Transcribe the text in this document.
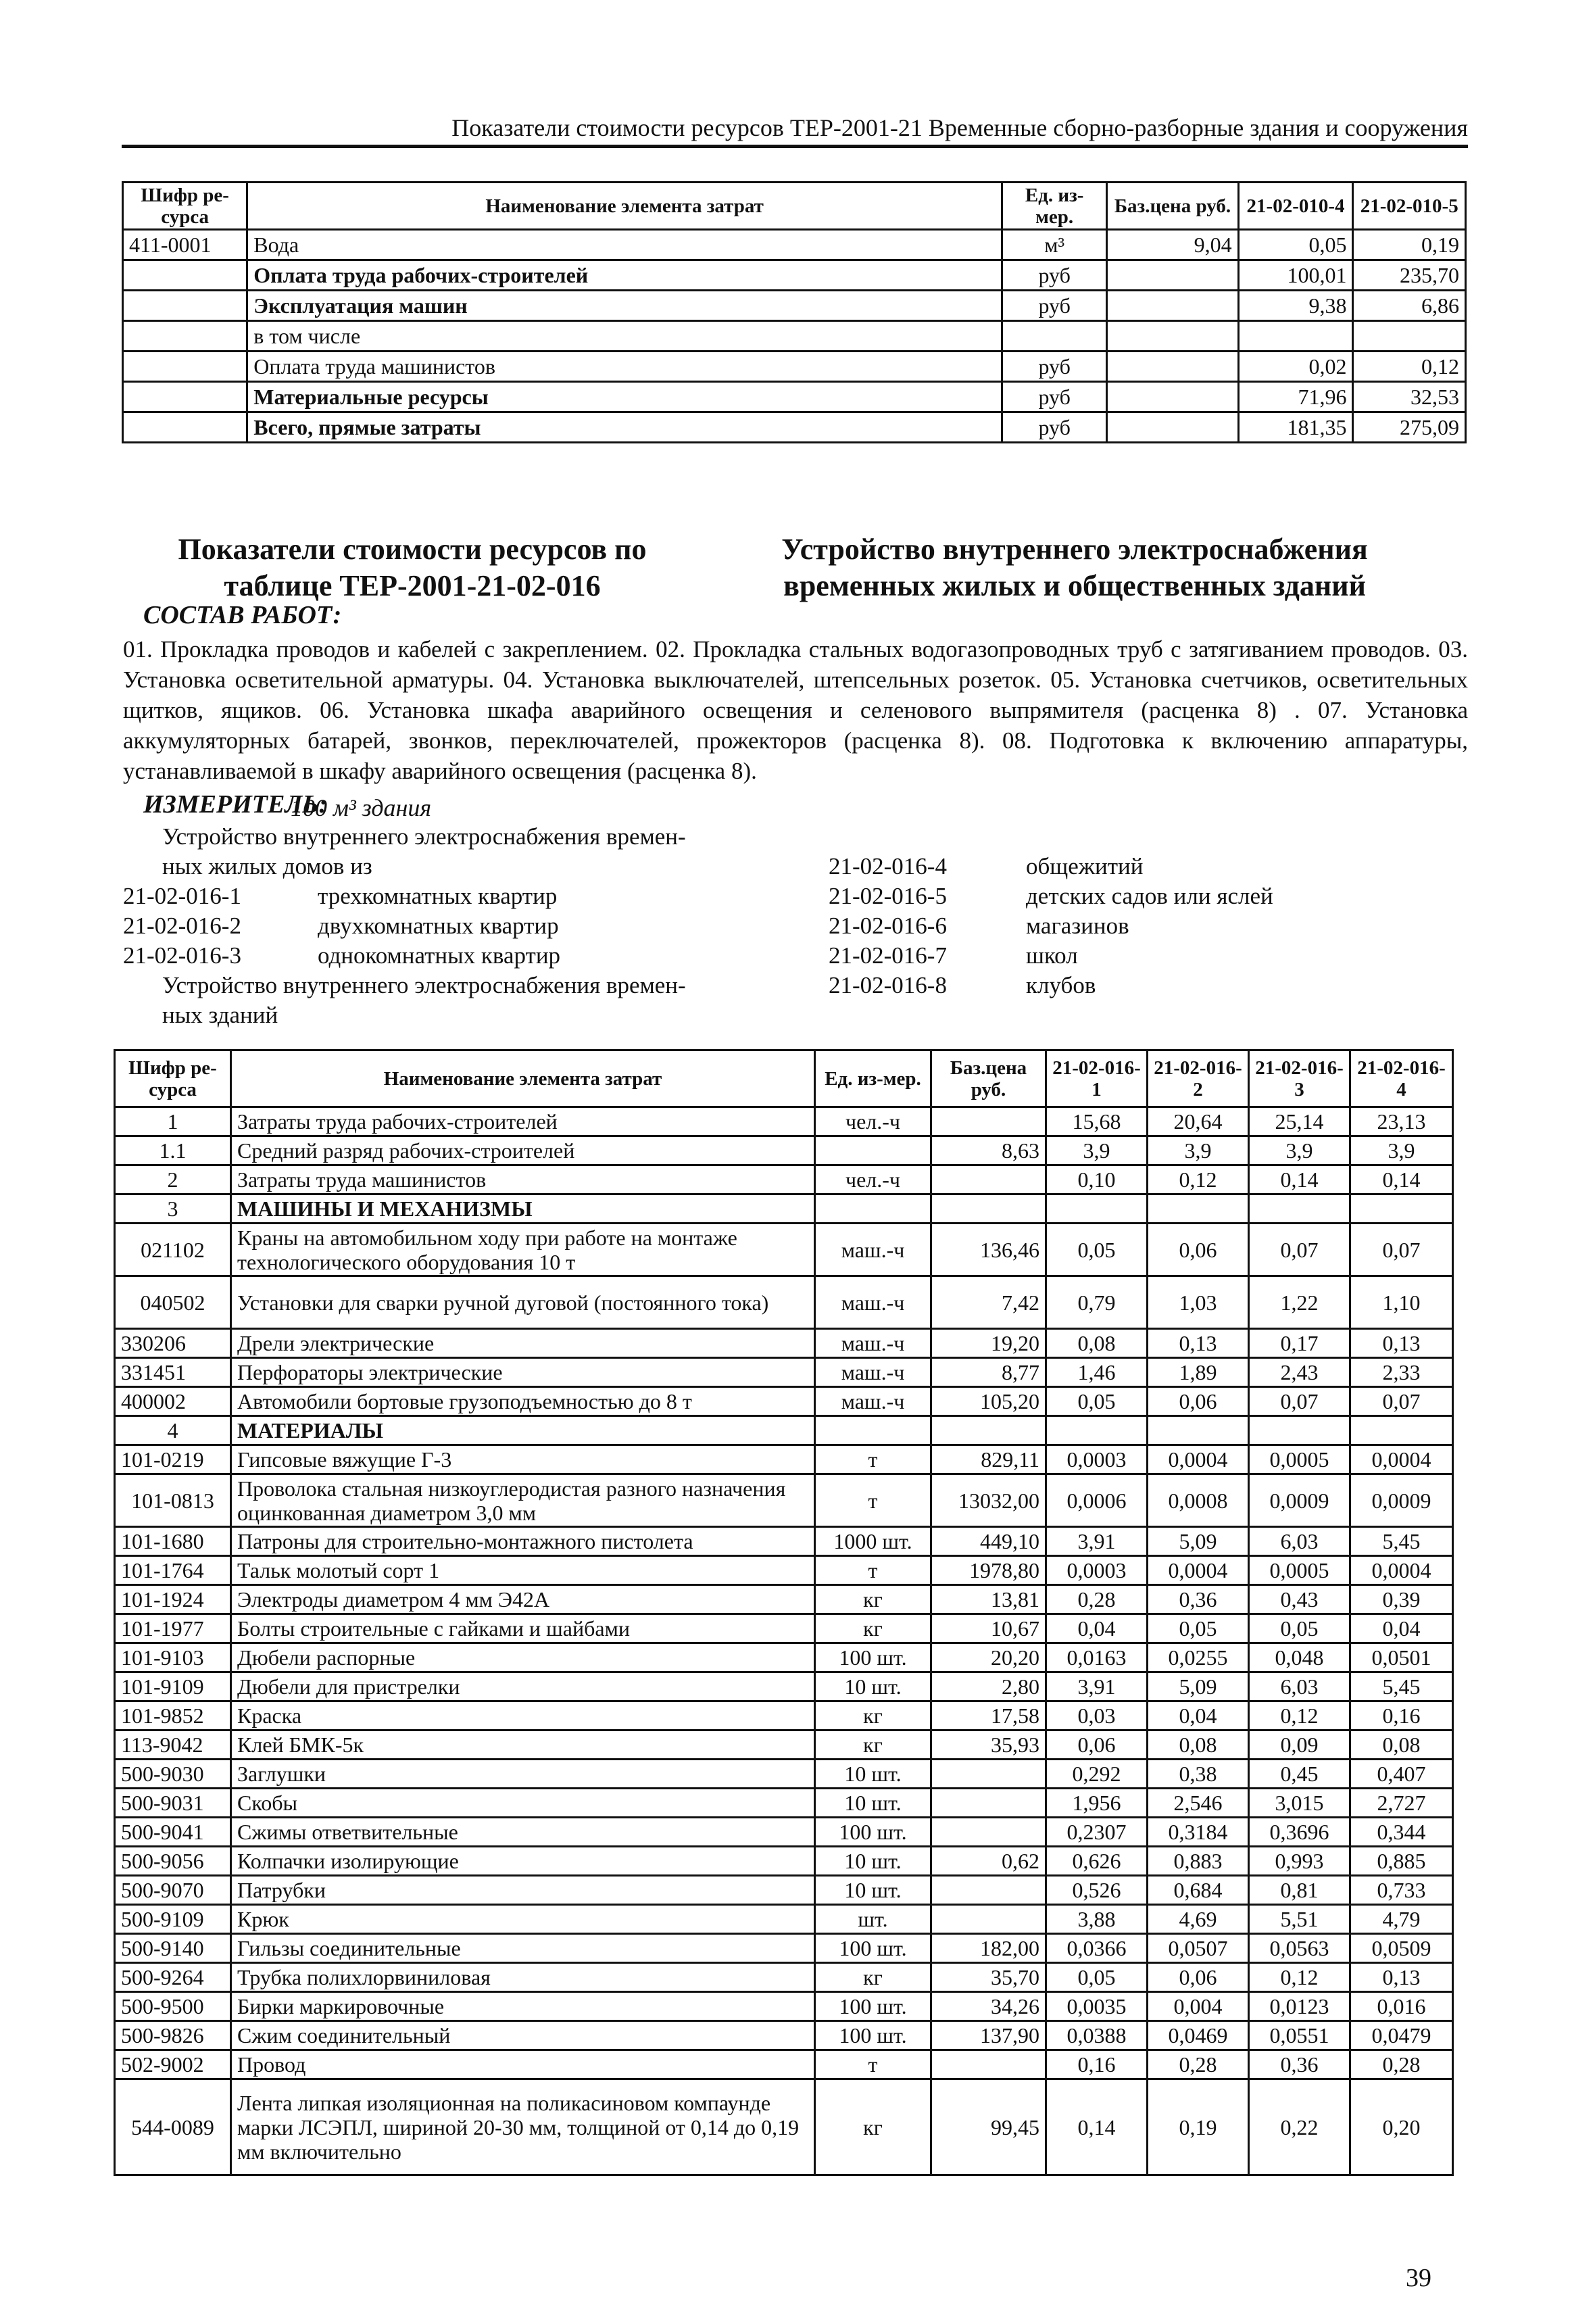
Показатели стоимости ресурсов ТЕР-2001-21 Временные сборно-разборные здания и сооружения
Шифр ре-сурса	Наименование элемента затрат	Ед. из-мер.	Баз.цена руб.	21-02-010-4	21-02-010-5
411-0001	Вода	м³	9,04	0,05	0,19
	Оплата труда рабочих-строителей	руб		100,01	235,70
	Эксплуатация машин	руб		9,38	6,86
	в том числе				
	Оплата труда машинистов	руб		0,02	0,12
	Материальные ресурсы	руб		71,96	32,53
	Всего, прямые затраты	руб		181,35	275,09
Показатели стоимости ресурсов по таблице ТЕР-2001-21-02-016
Устройство внутреннего электроснабжения временных жилых и общественных зданий
СОСТАВ РАБОТ:
01. Прокладка проводов и кабелей с закреплением. 02. Прокладка стальных водогазопроводных труб с затягиванием проводов. 03. Установка осветительной арматуры. 04. Установка выключателей, штепсельных розеток. 05. Установка счетчиков, осветительных щитков, ящиков. 06. Установка шкафа аварийного освещения и селенового выпрямителя (расценка 8) . 07. Установка аккумуляторных батарей, звонков, переключателей, прожекторов (расценка 8). 08. Подготовка к включению аппаратуры, устанавливаемой в шкафу аварийного освещения (расценка 8).
ИЗМЕРИТЕЛЬ:
100 м³ здания
Устройство внутреннего электроснабжения времен-
ных жилых домов из
21-02-016-1	трехкомнатных квартир
21-02-016-2	двухкомнатных квартир
21-02-016-3	однокомнатных квартир
Устройство внутреннего электроснабжения времен-
ных зданий
21-02-016-4	общежитий
21-02-016-5	детских садов или яслей
21-02-016-6	магазинов
21-02-016-7	школ
21-02-016-8	клубов
Шифр ре-сурса	Наименование элемента затрат	Ед. из-мер.	Баз.цена руб.	21-02-016-1	21-02-016-2	21-02-016-3	21-02-016-4
1	Затраты труда рабочих-строителей	чел.-ч		15,68	20,64	25,14	23,13
1.1	Средний разряд рабочих-строителей		8,63	3,9	3,9	3,9	3,9
2	Затраты труда машинистов	чел.-ч		0,10	0,12	0,14	0,14
3	МАШИНЫ И МЕХАНИЗМЫ						
021102	Краны на автомобильном ходу при работе на монтаже технологического оборудования 10 т	маш.-ч	136,46	0,05	0,06	0,07	0,07
040502	Установки для сварки ручной дуговой (постоянного тока)	маш.-ч	7,42	0,79	1,03	1,22	1,10
330206	Дрели электрические	маш.-ч	19,20	0,08	0,13	0,17	0,13
331451	Перфораторы электрические	маш.-ч	8,77	1,46	1,89	2,43	2,33
400002	Автомобили бортовые грузоподъемностью до 8 т	маш.-ч	105,20	0,05	0,06	0,07	0,07
4	МАТЕРИАЛЫ						
101-0219	Гипсовые вяжущие Г-3	т	829,11	0,0003	0,0004	0,0005	0,0004
101-0813	Проволока стальная низкоуглеродистая разного назначения оцинкованная диаметром 3,0 мм	т	13032,00	0,0006	0,0008	0,0009	0,0009
101-1680	Патроны для строительно-монтажного пистолета	1000 шт.	449,10	3,91	5,09	6,03	5,45
101-1764	Тальк молотый сорт 1	т	1978,80	0,0003	0,0004	0,0005	0,0004
101-1924	Электроды диаметром 4 мм Э42А	кг	13,81	0,28	0,36	0,43	0,39
101-1977	Болты строительные с гайками и шайбами	кг	10,67	0,04	0,05	0,05	0,04
101-9103	Дюбели распорные	100 шт.	20,20	0,0163	0,0255	0,048	0,0501
101-9109	Дюбели для пристрелки	10 шт.	2,80	3,91	5,09	6,03	5,45
101-9852	Краска	кг	17,58	0,03	0,04	0,12	0,16
113-9042	Клей БМК-5к	кг	35,93	0,06	0,08	0,09	0,08
500-9030	Заглушки	10 шт.		0,292	0,38	0,45	0,407
500-9031	Скобы	10 шт.		1,956	2,546	3,015	2,727
500-9041	Сжимы ответвительные	100 шт.		0,2307	0,3184	0,3696	0,344
500-9056	Колпачки изолирующие	10 шт.	0,62	0,626	0,883	0,993	0,885
500-9070	Патрубки	10 шт.		0,526	0,684	0,81	0,733
500-9109	Крюк	шт.		3,88	4,69	5,51	4,79
500-9140	Гильзы соединительные	100 шт.	182,00	0,0366	0,0507	0,0563	0,0509
500-9264	Трубка полихлорвиниловая	кг	35,70	0,05	0,06	0,12	0,13
500-9500	Бирки маркировочные	100 шт.	34,26	0,0035	0,004	0,0123	0,016
500-9826	Сжим соединительный	100 шт.	137,90	0,0388	0,0469	0,0551	0,0479
502-9002	Провод	т		0,16	0,28	0,36	0,28
544-0089	Лента липкая изоляционная на поликасиновом компаунде марки ЛСЭПЛ, шириной 20-30 мм, толщиной от 0,14 до 0,19 мм включительно	кг	99,45	0,14	0,19	0,22	0,20
39
